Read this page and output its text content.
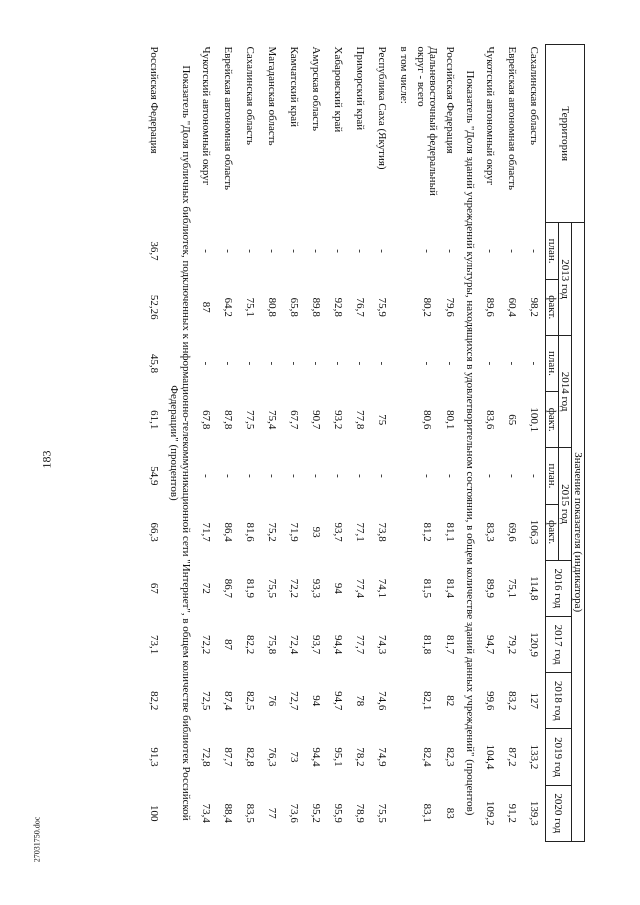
183
27031750.doc
Территория	Значение показателя (индикатора)										
	2013 год		2014 год		2015 год		2016 год	2017 год	2018 год	2019 год	2020 год
	план.	факт.	план.	факт.	план.	факт.					
Сахалинская область	-	98,2	-	100,1	-	106,3	114,8	120,9	127	133,2	139,3
Еврейская автономная область	-	60,4	-	65	-	69,6	75,1	79,2	83,2	87,2	91,2
Чукотский автономный округ	-	89,6	-	83,6	-	83,3	89,9	94,7	99,6	104,4	109,2
Показатель "Доля зданий учреждений культуры, находящихся в удовлетворительном состоянии, в общем количестве зданий данных учреждений" (процентов)											
Российская Федерация	-	79,6	-	80,1	-	81,1	81,4	81,7	82	82,3	83
Дальневосточный федеральный округ - всего	-	80,2	-	80,6	-	81,2	81,5	81,8	82,1	82,4	83,1
в том числе:											
Республика Саха (Якутия)	-	75,9	-	75	-	73,8	74,1	74,3	74,6	74,9	75,5
Приморский край	-	76,7	-	77,8	-	77,1	77,4	77,7	78	78,2	78,9
Хабаровский край	-	92,8	-	93,2	-	93,7	94	94,4	94,7	95,1	95,9
Амурская область	-	89,8	-	90,7	-	93	93,3	93,7	94	94,4	95,2
Камчатский край	-	65,8	-	67,7	-	71,9	72,2	72,4	72,7	73	73,6
Магаданская область	-	80,8	-	75,4	-	75,2	75,5	75,8	76	76,3	77
Сахалинская область	-	75,1	-	77,5	-	81,6	81,9	82,2	82,5	82,8	83,5
Еврейская автономная область	-	64,2	-	87,8	-	86,4	86,7	87	87,4	87,7	88,4
Чукотский автономный округ	-	87	-	67,8	-	71,7	72	72,2	72,5	72,8	73,4
Показатель "Доля публичных библиотек, подключенных к информационно-телекоммуникационной сети "Интернет", в общем количестве библиотек Российской Федерации" (процентов)											
Российская Федерация	36,7	52,26	45,8	61,1	54,9	66,3	67	73,1	82,2	91,3	100
